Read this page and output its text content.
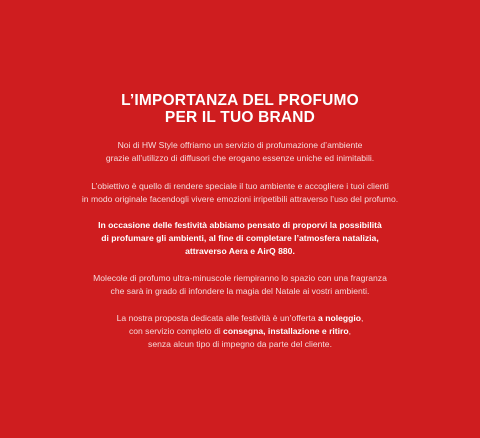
L’IMPORTANZA DEL PROFUMO
PER IL TUO BRAND
Noi di HW Style offriamo un servizio di profumazione d’ambiente
grazie all’utilizzo di diffusori che erogano essenze uniche ed inimitabili.
L’obiettivo è quello di rendere speciale il tuo ambiente e accogliere i tuoi clienti
in modo originale facendogli vivere emozioni irripetibili attraverso l’uso del profumo.
In occasione delle festività abbiamo pensato di proporvi la possibilità
di profumare gli ambienti, al fine di completare l’atmosfera natalizia,
attraverso Aera e AirQ 880.
Molecole di profumo ultra-minuscole riempiranno lo spazio con una fragranza
che sarà in grado di infondere la magia del Natale ai vostri ambienti.
La nostra proposta dedicata alle festività è un’offerta a noleggio,
con servizio completo di consegna, installazione e ritiro,
senza alcun tipo di impegno da parte del cliente.
